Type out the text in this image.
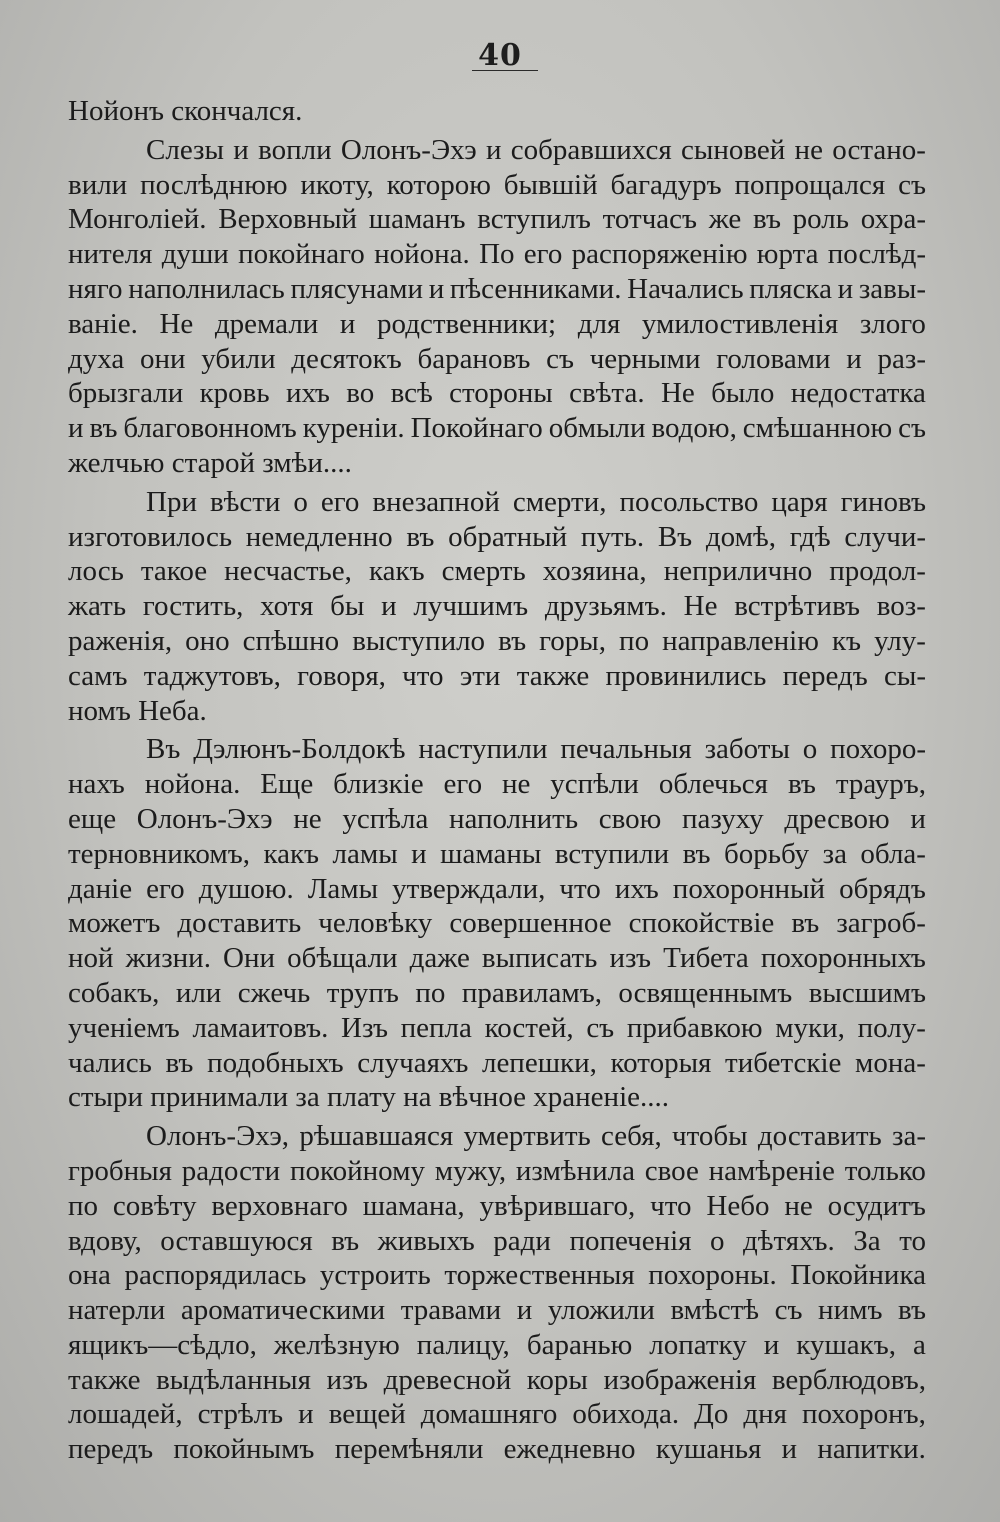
40
Нойонъ скончался.
Слезы и вопли Олонъ-Эхэ и собравшихся сыновей не остано-
вили послѣднюю икоту, которою бывшій багадуръ попрощался съ
Монголіей. Верховный шаманъ вступилъ тотчасъ же въ роль охра-
нителя души покойнаго нойона. По его распоряженію юрта послѣд-
няго наполнилась плясунами и пѣсенниками. Начались пляска и завы-
ваніе. Не дремали и родственники; для умилостивленія злого
духа они убили десятокъ барановъ съ черными головами и раз-
брызгали кровь ихъ во всѣ стороны свѣта. Не было недостатка
и въ благовонномъ куреніи. Покойнаго обмыли водою, смѣшанною съ
желчью старой змѣи....
При вѣсти о его внезапной смерти, посольство царя гиновъ
изготовилось немедленно въ обратный путь. Въ домѣ, гдѣ случи-
лось такое несчастье, какъ смерть хозяина, неприлично продол-
жать гостить, хотя бы и лучшимъ друзьямъ. Не встрѣтивъ воз-
раженія, оно спѣшно выступило въ горы, по направленію къ улу-
самъ таджутовъ, говоря, что эти также провинились передъ сы-
номъ Неба.
Въ Дэлюнъ-Болдокѣ наступили печальныя заботы о похоро-
нахъ нойона. Еще близкіе его не успѣли облечься въ трауръ,
еще Олонъ-Эхэ не успѣла наполнить свою пазуху дресвою и
терновникомъ, какъ ламы и шаманы вступили въ борьбу за обла-
даніе его душою. Ламы утверждали, что ихъ похоронный обрядъ
можетъ доставить человѣку совершенное спокойствіе въ загроб-
ной жизни. Они обѣщали даже выписать изъ Тибета похоронныхъ
собакъ, или сжечь трупъ по правиламъ, освященнымъ высшимъ
ученіемъ ламаитовъ. Изъ пепла костей, съ прибавкою муки, полу-
чались въ подобныхъ случаяхъ лепешки, которыя тибетскіе мона-
стыри принимали за плату на вѣчное храненіе....
Олонъ-Эхэ, рѣшавшаяся умертвить себя, чтобы доставить за-
гробныя радости покойному мужу, измѣнила свое намѣреніе только
по совѣту верховнаго шамана, увѣрившаго, что Небо не осудитъ
вдову, оставшуюся въ живыхъ ради попеченія о дѣтяхъ. За то
она распорядилась устроить торжественныя похороны. Покойника
натерли ароматическими травами и уложили вмѣстѣ съ нимъ въ
ящикъ—сѣдло, желѣзную палицу, баранью лопатку и кушакъ, а
также выдѣланныя изъ древесной коры изображенія верблюдовъ,
лошадей, стрѣлъ и вещей домашняго обихода. До дня похоронъ,
передъ покойнымъ перемѣняли ежедневно кушанья и напитки.
